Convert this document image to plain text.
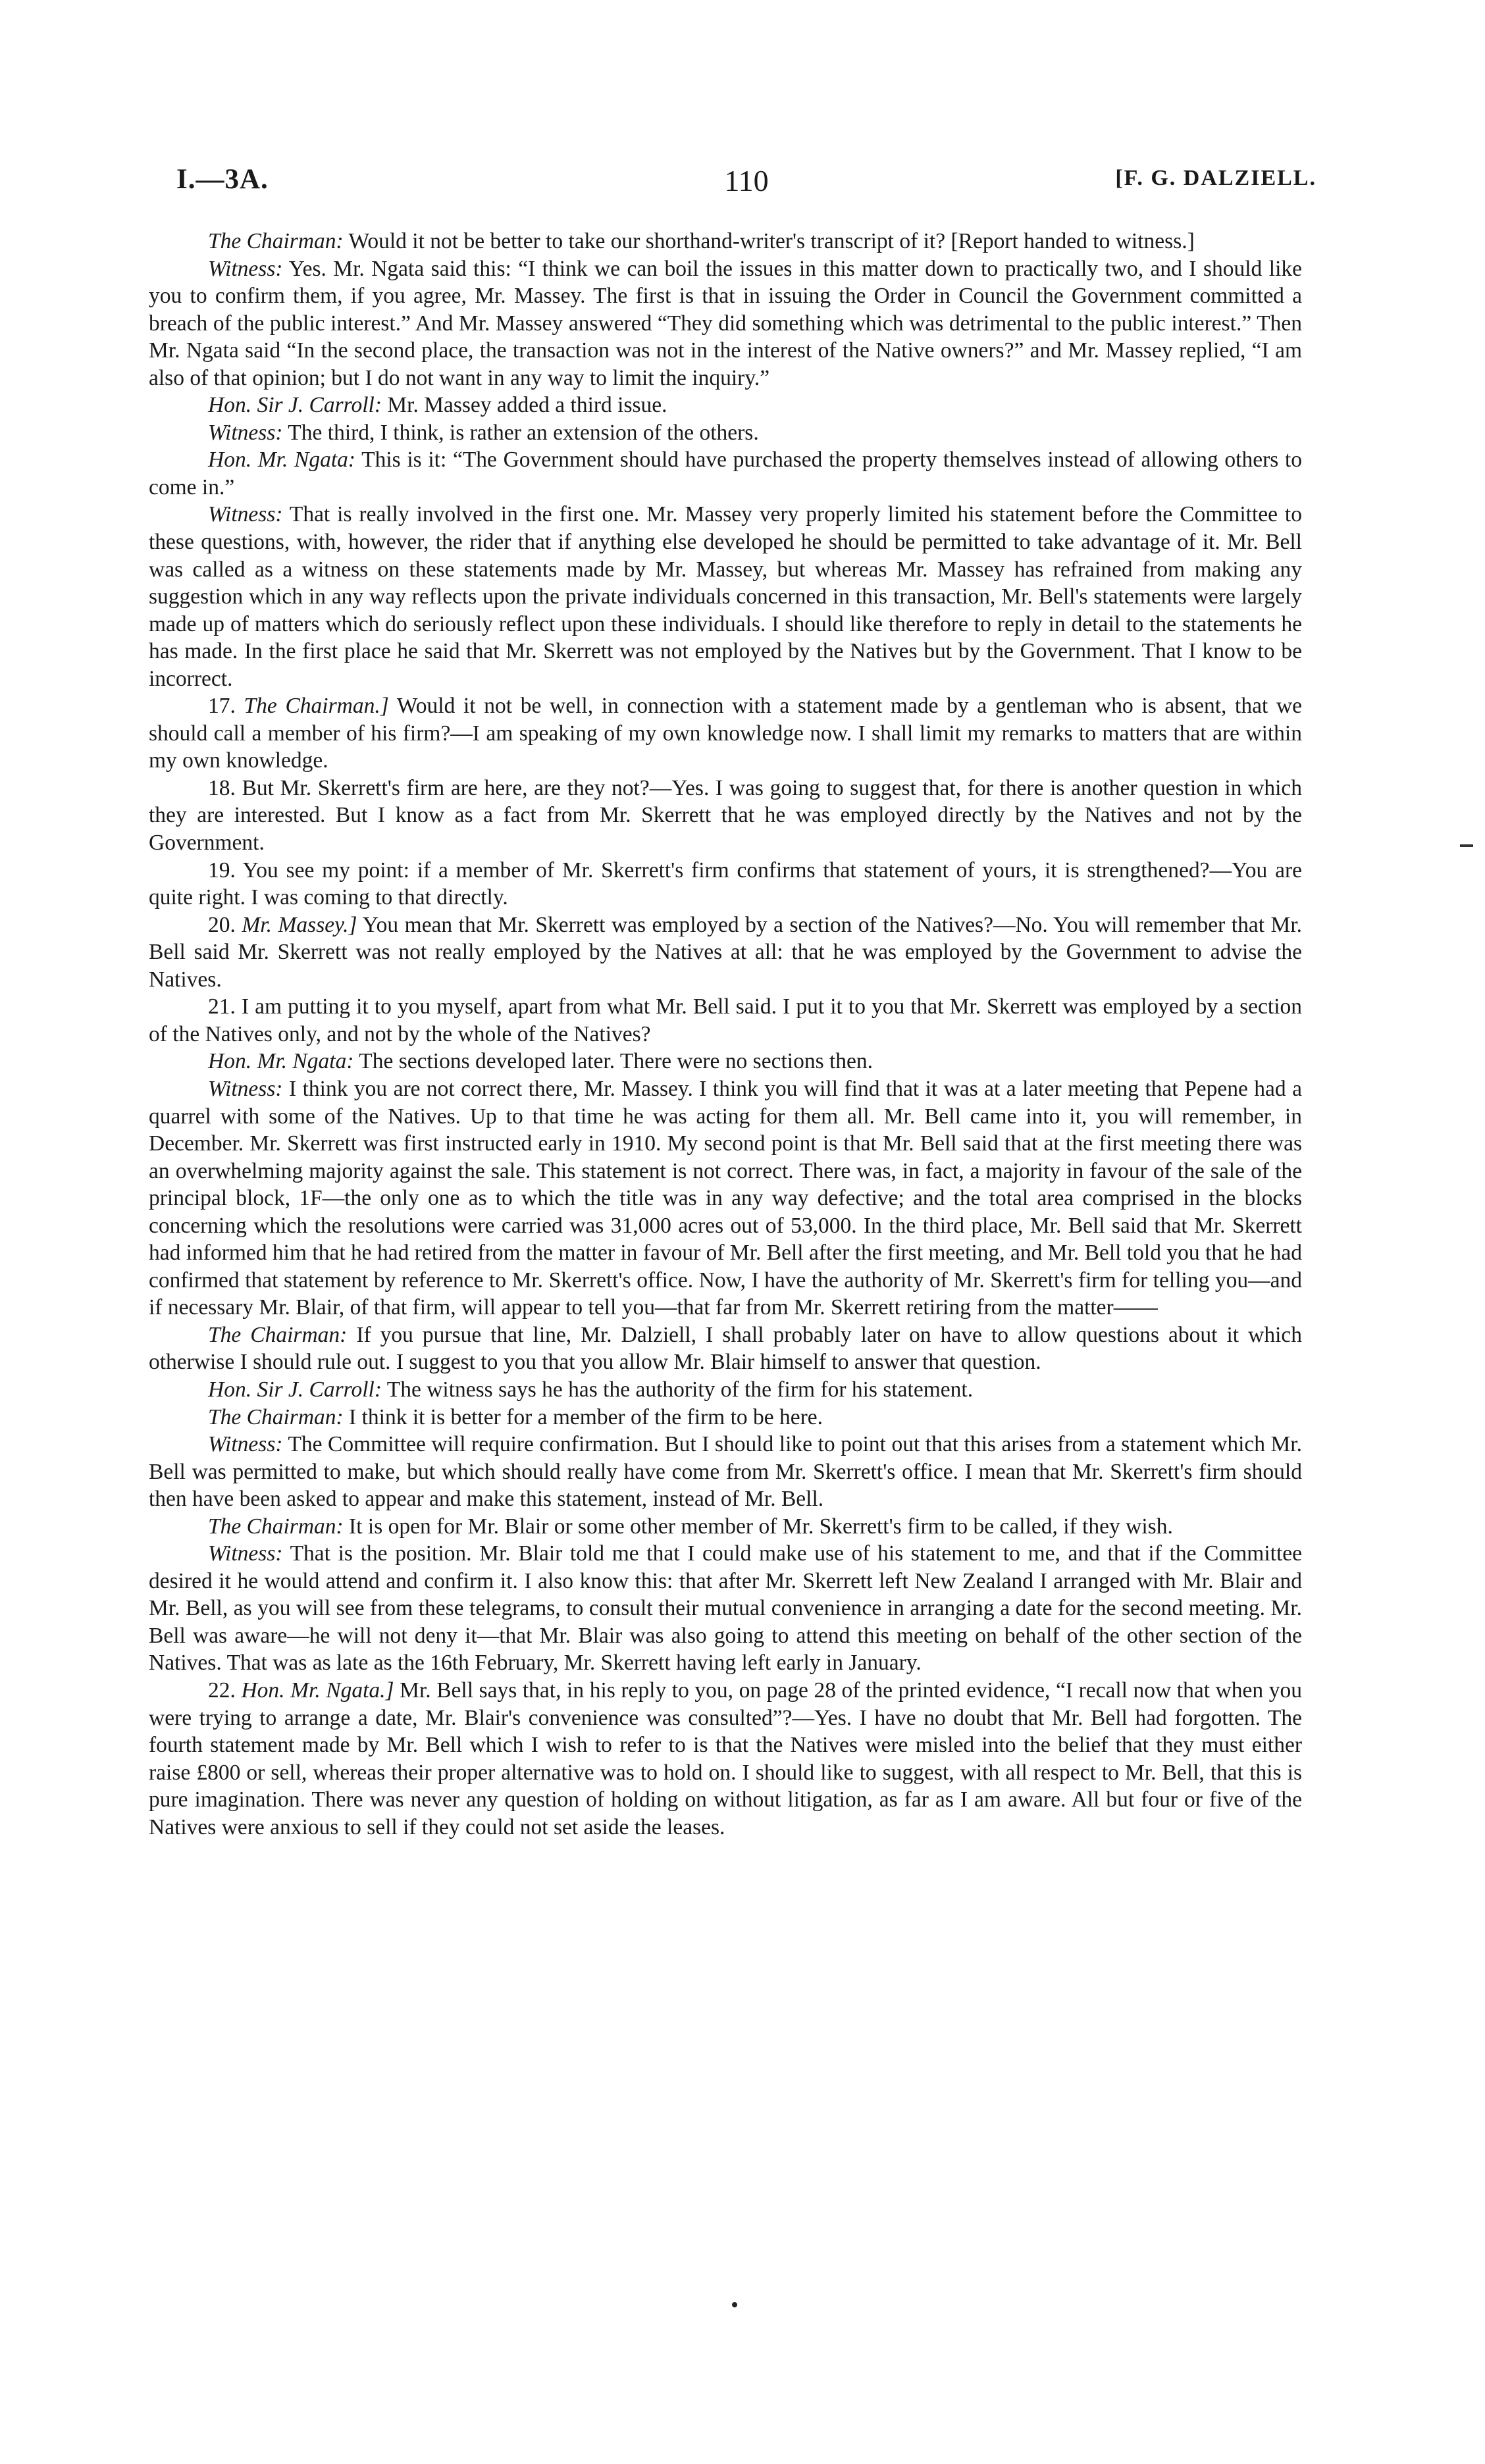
I.—3A.	110	[F. G. DALZIELL.

The Chairman: Would it not be better to take our shorthand-writer's transcript of it? [Report handed to witness.]

Witness: Yes. Mr. Ngata said this: “I think we can boil the issues in this matter down to practically two, and I should like you to confirm them, if you agree, Mr. Massey. The first is that in issuing the Order in Council the Government committed a breach of the public interest.” And Mr. Massey answered “They did something which was detrimental to the public interest.” Then Mr. Ngata said “In the second place, the transaction was not in the interest of the Native owners?” and Mr. Massey replied, “I am also of that opinion; but I do not want in any way to limit the inquiry.”

Hon. Sir J. Carroll: Mr. Massey added a third issue.

Witness: The third, I think, is rather an extension of the others.

Hon. Mr. Ngata: This is it: “The Government should have purchased the property themselves instead of allowing others to come in.”

Witness: That is really involved in the first one. Mr. Massey very properly limited his statement before the Committee to these questions, with, however, the rider that if anything else developed he should be permitted to take advantage of it. Mr. Bell was called as a witness on these statements made by Mr. Massey, but whereas Mr. Massey has refrained from making any suggestion which in any way reflects upon the private individuals concerned in this transaction, Mr. Bell's statements were largely made up of matters which do seriously reflect upon these individuals. I should like therefore to reply in detail to the statements he has made. In the first place he said that Mr. Skerrett was not employed by the Natives but by the Government. That I know to be incorrect.

17. The Chairman.] Would it not be well, in connection with a statement made by a gentleman who is absent, that we should call a member of his firm?—I am speaking of my own knowledge now. I shall limit my remarks to matters that are within my own knowledge.

18. But Mr. Skerrett's firm are here, are they not?—Yes. I was going to suggest that, for there is another question in which they are interested. But I know as a fact from Mr. Skerrett that he was employed directly by the Natives and not by the Government.

19. You see my point: if a member of Mr. Skerrett's firm confirms that statement of yours, it is strengthened?—You are quite right. I was coming to that directly.

20. Mr. Massey.] You mean that Mr. Skerrett was employed by a section of the Natives?—No. You will remember that Mr. Bell said Mr. Skerrett was not really employed by the Natives at all: that he was employed by the Government to advise the Natives.

21. I am putting it to you myself, apart from what Mr. Bell said. I put it to you that Mr. Skerrett was employed by a section of the Natives only, and not by the whole of the Natives?

Hon. Mr. Ngata: The sections developed later. There were no sections then.

Witness: I think you are not correct there, Mr. Massey. I think you will find that it was at a later meeting that Pepene had a quarrel with some of the Natives. Up to that time he was acting for them all. Mr. Bell came into it, you will remember, in December. Mr. Skerrett was first instructed early in 1910. My second point is that Mr. Bell said that at the first meeting there was an overwhelming majority against the sale. This statement is not correct. There was, in fact, a majority in favour of the sale of the principal block, 1F—the only one as to which the title was in any way defective; and the total area comprised in the blocks concerning which the resolutions were carried was 31,000 acres out of 53,000. In the third place, Mr. Bell said that Mr. Skerrett had informed him that he had retired from the matter in favour of Mr. Bell after the first meeting, and Mr. Bell told you that he had confirmed that statement by reference to Mr. Skerrett's office. Now, I have the authority of Mr. Skerrett's firm for telling you—and if necessary Mr. Blair, of that firm, will appear to tell you—that far from Mr. Skerrett retiring from the matter——

The Chairman: If you pursue that line, Mr. Dalziell, I shall probably later on have to allow questions about it which otherwise I should rule out. I suggest to you that you allow Mr. Blair himself to answer that question.

Hon. Sir J. Carroll: The witness says he has the authority of the firm for his statement.

The Chairman: I think it is better for a member of the firm to be here.

Witness: The Committee will require confirmation. But I should like to point out that this arises from a statement which Mr. Bell was permitted to make, but which should really have come from Mr. Skerrett's office. I mean that Mr. Skerrett's firm should then have been asked to appear and make this statement, instead of Mr. Bell.

The Chairman: It is open for Mr. Blair or some other member of Mr. Skerrett's firm to be called, if they wish.

Witness: That is the position. Mr. Blair told me that I could make use of his statement to me, and that if the Committee desired it he would attend and confirm it. I also know this: that after Mr. Skerrett left New Zealand I arranged with Mr. Blair and Mr. Bell, as you will see from these telegrams, to consult their mutual convenience in arranging a date for the second meeting. Mr. Bell was aware—he will not deny it—that Mr. Blair was also going to attend this meeting on behalf of the other section of the Natives. That was as late as the 16th February, Mr. Skerrett having left early in January.

22. Hon. Mr. Ngata.] Mr. Bell says that, in his reply to you, on page 28 of the printed evidence, “I recall now that when you were trying to arrange a date, Mr. Blair's convenience was consulted”?—Yes. I have no doubt that Mr. Bell had forgotten. The fourth statement made by Mr. Bell which I wish to refer to is that the Natives were misled into the belief that they must either raise £800 or sell, whereas their proper alternative was to hold on. I should like to suggest, with all respect to Mr. Bell, that this is pure imagination. There was never any question of holding on without litigation, as far as I am aware. All but four or five of the Natives were anxious to sell if they could not set aside the leases.
